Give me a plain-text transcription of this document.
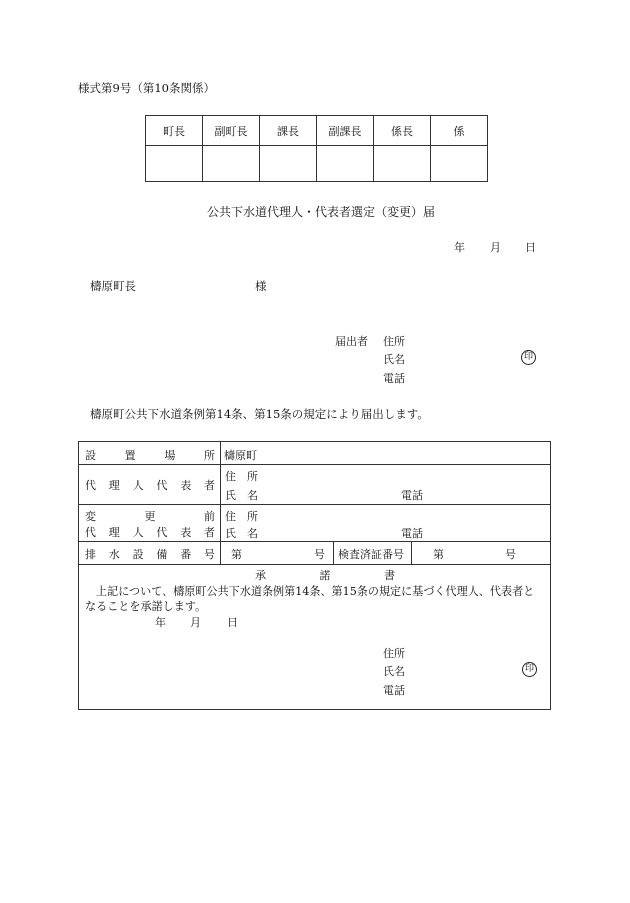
様式第9号（第10条関係）
町長	副町長	課長	副課長	係長	係

公共下水道代理人・代表者選定（変更）届
年 月 日
檮原町長	様
届出者 住所
氏名	印
電話
檮原町公共下水道条例第14条、第15条の規定により届出します。
設	置	場	所 檮原町
代 理 人 代 表 者
住　所
氏　名	電話
変	更	前
代 理 人 代 表 者
住　所
氏　名	電話
排 水 設 備 番 号 第	号 検査済証番号	第	号
承	諾	書
上記について、檮原町公共下水道条例第14条、第15条の規定に基づく代理人、代表者と
なることを承諾します。
年 月 日
住所
氏名	印
電話
